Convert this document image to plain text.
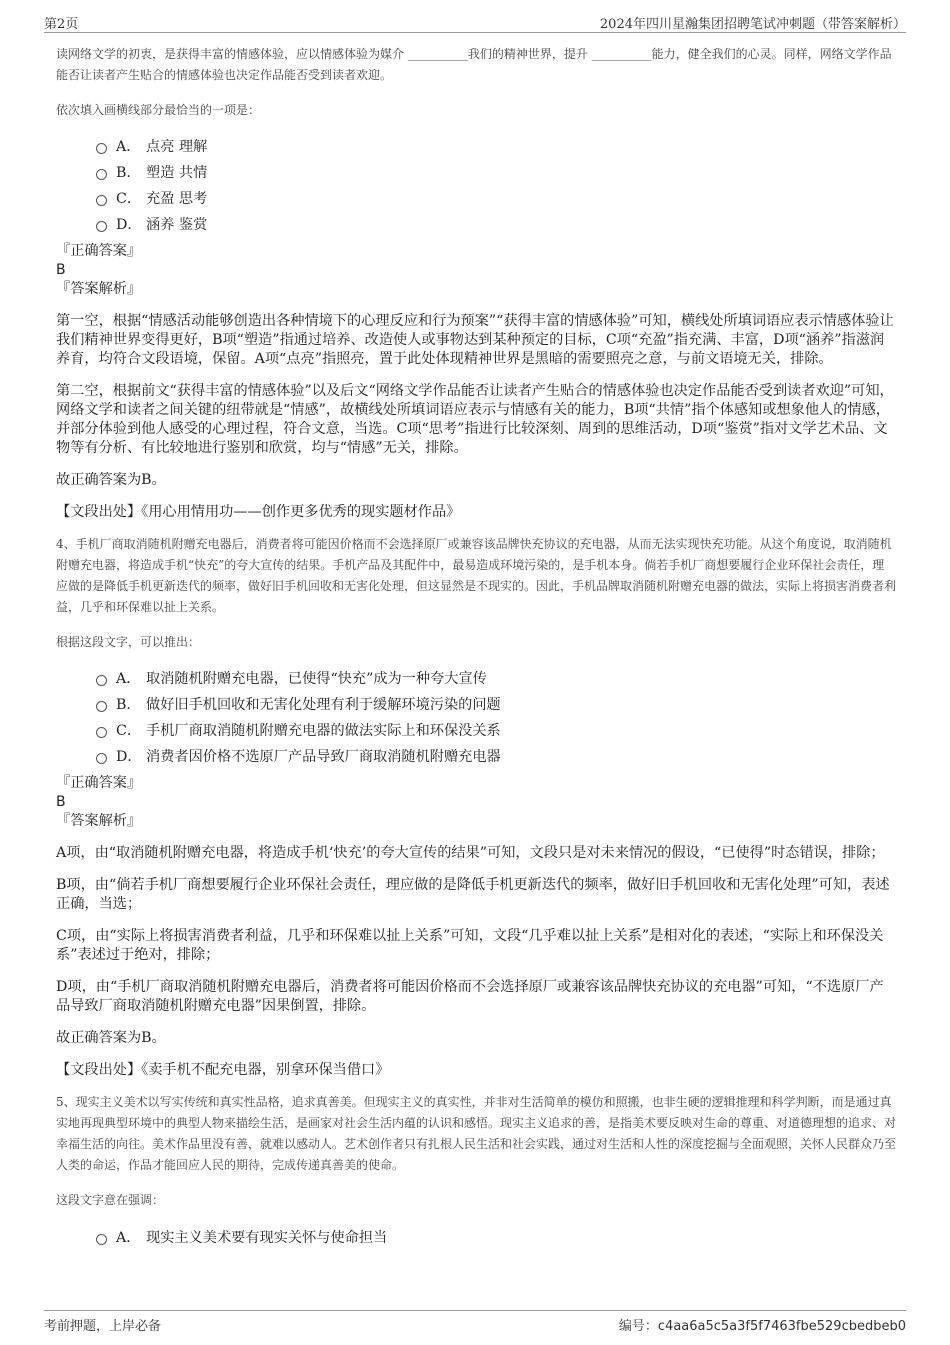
第2页	2024年四川星瀚集团招聘笔试冲刺题（带答案解析）

读网络文学的初衷，是获得丰富的情感体验，应以情感体验为媒介 __________我们的精神世界，提升 __________能力，健全我们的心灵。同样，网络文学作品能否让读者产生贴合的情感体验也决定作品能否受到读者欢迎。

依次填入画横线部分最恰当的一项是：

A． 点亮 理解
B． 塑造 共情
C． 充盈 思考
D． 涵养 鉴赏

『正确答案』

B

『答案解析』

第一空，根据“情感活动能够创造出各种情境下的心理反应和行为预案”“获得丰富的情感体验”可知，横线处所填词语应表示情感体验让我们精神世界变得更好，B项“塑造”指通过培养、改造使人或事物达到某种预定的目标，C项“充盈”指充满、丰富，D项“涵养”指滋润养育，均符合文段语境，保留。A项“点亮”指照亮，置于此处体现精神世界是黑暗的需要照亮之意，与前文语境无关，排除。

第二空，根据前文“获得丰富的情感体验”以及后文“网络文学作品能否让读者产生贴合的情感体验也决定作品能否受到读者欢迎”可知，网络文学和读者之间关键的纽带就是“情感”，故横线处所填词语应表示与情感有关的能力，B项“共情”指个体感知或想象他人的情感，并部分体验到他人感受的心理过程，符合文意，当选。C项“思考”指进行比较深刻、周到的思维活动，D项“鉴赏”指对文学艺术品、文物等有分析、有比较地进行鉴别和欣赏，均与“情感”无关，排除。

故正确答案为B。

【文段出处】《用心用情用功——创作更多优秀的现实题材作品》

4、手机厂商取消随机附赠充电器后，消费者将可能因价格而不会选择原厂或兼容该品牌快充协议的充电器，从而无法实现快充功能。从这个角度说，取消随机附赠充电器，将造成手机“快充”的夸大宣传的结果。手机产品及其配件中，最易造成环境污染的，是手机本身。倘若手机厂商想要履行企业环保社会责任，理应做的是降低手机更新迭代的频率，做好旧手机回收和无害化处理，但这显然是不现实的。因此，手机品牌取消随机附赠充电器的做法，实际上将损害消费者利益，几乎和环保难以扯上关系。

根据这段文字，可以推出：

A． 取消随机附赠充电器，已使得“快充”成为一种夸大宣传
B． 做好旧手机回收和无害化处理有利于缓解环境污染的问题
C． 手机厂商取消随机附赠充电器的做法实际上和环保没关系
D． 消费者因价格不选原厂产品导致厂商取消随机附赠充电器

『正确答案』

B

『答案解析』

A项，由“取消随机附赠充电器，将造成手机‘快充’的夸大宣传的结果”可知，文段只是对未来情况的假设，“已使得”时态错误，排除；

B项，由“倘若手机厂商想要履行企业环保社会责任，理应做的是降低手机更新迭代的频率，做好旧手机回收和无害化处理”可知，表述正确，当选；

C项，由“实际上将损害消费者利益，几乎和环保难以扯上关系”可知，文段“几乎难以扯上关系”是相对化的表述，“实际上和环保没关系”表述过于绝对，排除；

D项，由“手机厂商取消随机附赠充电器后，消费者将可能因价格而不会选择原厂或兼容该品牌快充协议的充电器”可知，“不选原厂产品导致厂商取消随机附赠充电器”因果倒置，排除。

故正确答案为B。

【文段出处】《卖手机不配充电器，别拿环保当借口》

5、现实主义美术以写实传统和真实性品格，追求真善美。但现实主义的真实性，并非对生活简单的模仿和照搬，也非生硬的逻辑推理和科学判断，而是通过真实地再现典型环境中的典型人物来描绘生活，是画家对社会生活内蕴的认识和感悟。现实主义追求的善，是指美术要反映对生命的尊重、对道德理想的追求、对幸福生活的向往。美术作品里没有善，就难以感动人。艺术创作者只有扎根人民生活和社会实践，通过对生活和人性的深度挖掘与全面观照，关怀人民群众乃至人类的命运，作品才能回应人民的期待，完成传递真善美的使命。

这段文字意在强调：

A． 现实主义美术要有现实关怀与使命担当
考前押题，上岸必备	编号：c4aa6a5c5a3f5f7463fbe529cbedbeb0
